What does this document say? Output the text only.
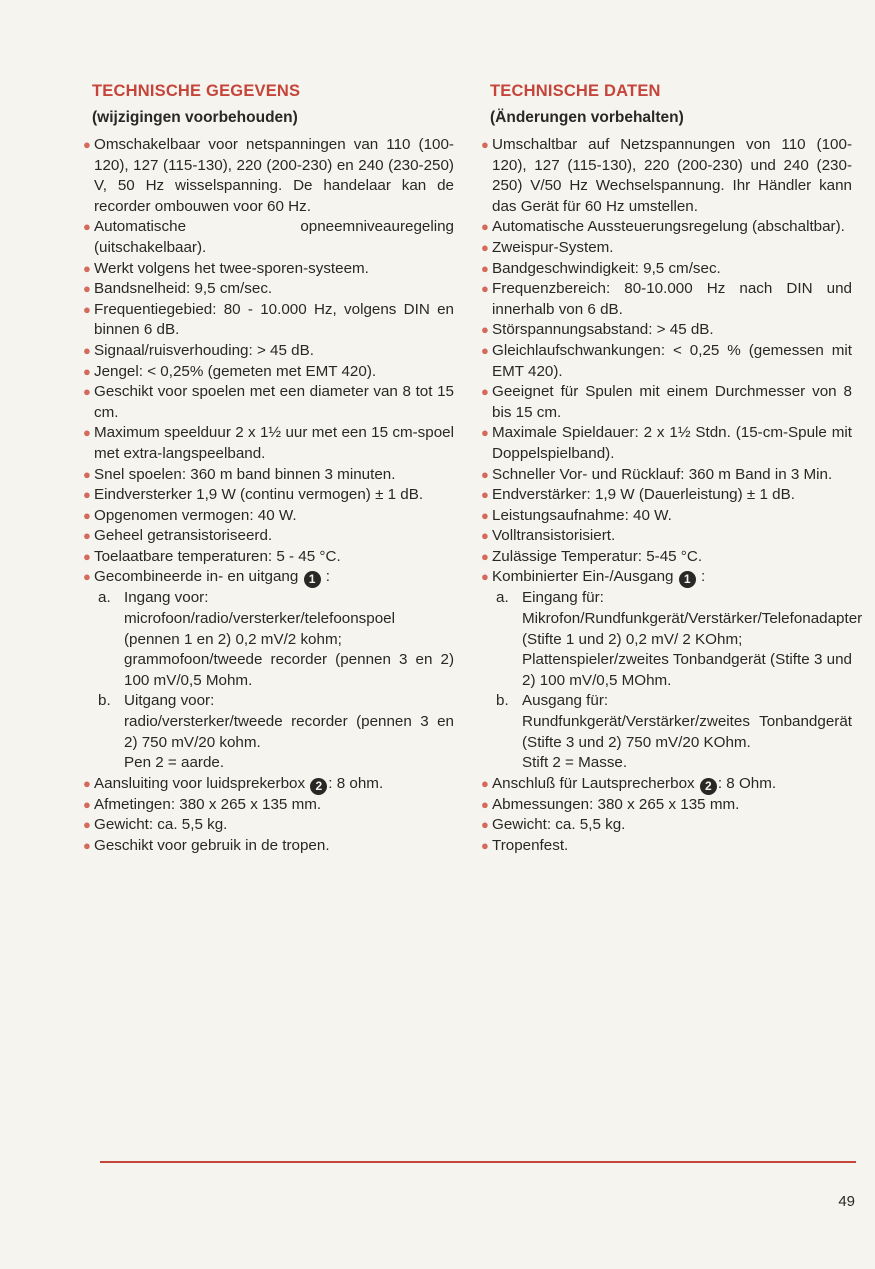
TECHNISCHE GEGEVENS
(wijzigingen voorbehouden)
● Omschakelbaar voor netspanningen van 110 (100-120), 127 (115-130), 220 (200-230) en 240 (230-250) V, 50 Hz wisselspanning. De handelaar kan de recorder ombouwen voor 60 Hz.
● Automatische opneemniveauregeling (uitschakelbaar).
● Werkt volgens het twee-sporen-systeem.
● Bandsnelheid: 9,5 cm/sec.
● Frequentiegebied: 80 - 10.000 Hz, volgens DIN en binnen 6 dB.
● Signaal/ruisverhouding: > 45 dB.
● Jengel: < 0,25% (gemeten met EMT 420).
● Geschikt voor spoelen met een diameter van 8 tot 15 cm.
● Maximum speelduur 2 x 1½ uur met een 15 cm-spoel met extra-langspeelband.
● Snel spoelen: 360 m band binnen 3 minuten.
● Eindversterker 1,9 W (continu vermogen) ± 1 dB.
● Opgenomen vermogen: 40 W.
● Geheel getransistoriseerd.
● Toelaatbare temperaturen: 5 - 45 °C.
● Gecombineerde in- en uitgang 1 :
a. Ingang voor:
microfoon/radio/versterker/telefoonspoel (pennen 1 en 2) 0,2 mV/2 kohm;
grammofoon/tweede recorder (pennen 3 en 2) 100 mV/0,5 Mohm.
b. Uitgang voor:
radio/versterker/tweede recorder (pennen 3 en 2) 750 mV/20 kohm.
Pen 2 = aarde.
● Aansluiting voor luidsprekerbox 2 : 8 ohm.
● Afmetingen: 380 x 265 x 135 mm.
● Gewicht: ca. 5,5 kg.
● Geschikt voor gebruik in de tropen.
TECHNISCHE DATEN
(Änderungen vorbehalten)
● Umschaltbar auf Netzspannungen von 110 (100-120), 127 (115-130), 220 (200-230) und 240 (230-250) V/50 Hz Wechselspannung. Ihr Händler kann das Gerät für 60 Hz umstellen.
● Automatische Aussteuerungsregelung (abschaltbar).
● Zweispur-System.
● Bandgeschwindigkeit: 9,5 cm/sec.
● Frequenzbereich: 80-10.000 Hz nach DIN und innerhalb von 6 dB.
● Störspannungsabstand: > 45 dB.
● Gleichlaufschwankungen: < 0,25 % (gemessen mit EMT 420).
● Geeignet für Spulen mit einem Durchmesser von 8 bis 15 cm.
● Maximale Spieldauer: 2 x 1½ Stdn. (15-cm-Spule mit Doppelspielband).
● Schneller Vor- und Rücklauf: 360 m Band in 3 Min.
● Endverstärker: 1,9 W (Dauerleistung) ± 1 dB.
● Leistungsaufnahme: 40 W.
● Volltransistorisiert.
● Zulässige Temperatur: 5-45 °C.
● Kombinierter Ein-/Ausgang 1 :
a. Eingang für:
Mikrofon/Rundfunkgerät/Verstärker/Telefonadapter (Stifte 1 und 2) 0,2 mV/ 2 KOhm;
Plattenspieler/zweites Tonbandgerät (Stifte 3 und 2) 100 mV/0,5 MOhm.
b. Ausgang für:
Rundfunkgerät/Verstärker/zweites Tonbandgerät (Stifte 3 und 2) 750 mV/20 KOhm.
Stift 2 = Masse.
● Anschluß für Lautsprecherbox 2 : 8 Ohm.
● Abmessungen: 380 x 265 x 135 mm.
● Gewicht: ca. 5,5 kg.
● Tropenfest.
49
